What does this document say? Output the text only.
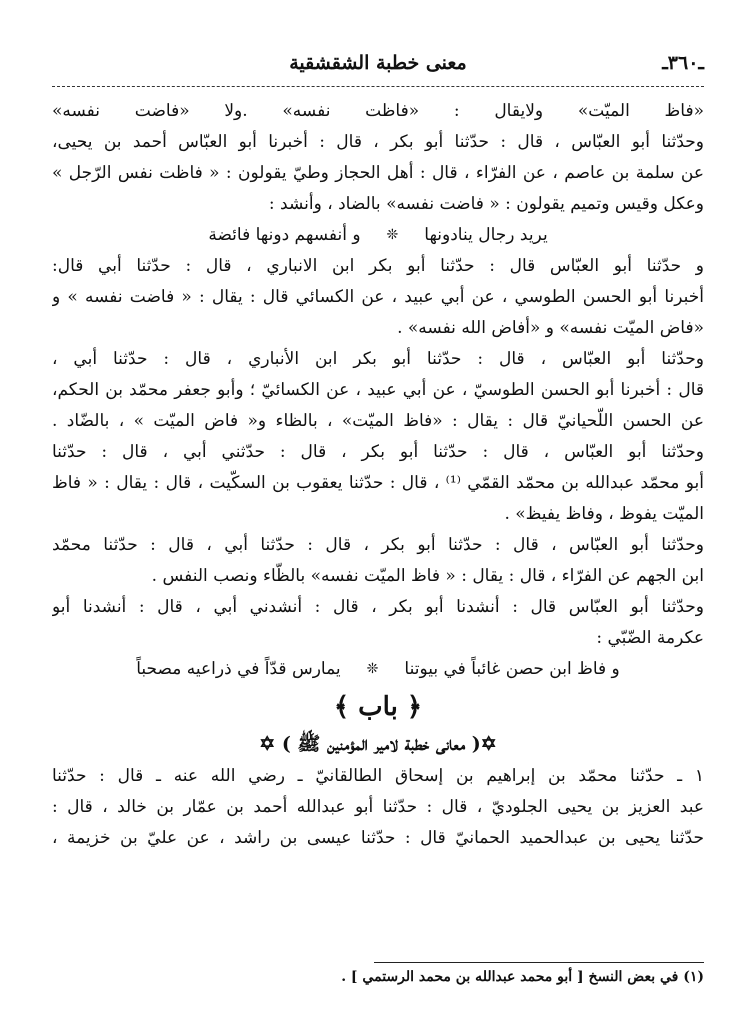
ـ٣٦٠ـ
معنى خطبة الشقشقية
«فاظ الميّت» ولايقال : «فاظت نفسه» .ولا «فاضت نفسه»
وحدّثنا أبو العبّاس ، قال : حدّثنا أبو بكر ، قال : أخبرنا أبو العبّاس أحمد بن يحيى،
عن سلمة بن عاصم ، عن الفرّاء ، قال : أهل الحجاز وطيّ يقولون : « فاظت نفس الرّجل »
وعكل وقيس وتميم يقولون : « فاضت نفسه» بالضاد ، وأنشد :
يريد رجال ينادونها
❊
و أنفسهم دونها فائضة
و حدّثنا أبو العبّاس قال : حدّثنا أبو بكر ابن الانباري ، قال : حدّثنا أبي قال:
أخبرنا أبو الحسن الطوسي ، عن أبي عبيد ، عن الكسائي قال : يقال : « فاضت نفسه » و
«فاض الميّت نفسه» و «أفاض الله نفسه» .
وحدّثنا أبو العبّاس ، قال : حدّثنا أبو بكر ابن الأنباري ، قال : حدّثنا أبي ،
قال : أخبرنا أبو الحسن الطوسيّ ، عن أبي عبيد ، عن الكسائيّ ؛ وأبو جعفر محمّد بن الحكم،
عن الحسن اللّحيانيّ قال : يقال : «فاظ الميّت» ، بالظاء و« فاض الميّت » ، بالضّاد .
وحدّثنا أبو العبّاس ، قال : حدّثنا أبو بكر ، قال : حدّثني أبي ، قال : حدّثنا
أبو محمّد عبدالله بن محمّد القمّي ⁽¹⁾ ، قال : حدّثنا يعقوب بن السكّيت ، قال : يقال : « فاظ
الميّت يفوظ ، وفاظ يفيظ» .
وحدّثنا أبو العبّاس ، قال : حدّثنا أبو بكر ، قال : حدّثنا أبي ، قال : حدّثنا محمّد
ابن الجهم عن الفرّاء ، قال : يقال : « فاظ الميّت نفسه» بالظّاء ونصب النفس .
وحدّثنا أبو العبّاس قال : أنشدنا أبو بكر ، قال : أنشدني أبي ، قال : أنشدنا أبو
عكرمة الضّبّي :
و فاظ ابن حصن غائباً في بيوتنا
❊
يمارس قدّاً في ذراعيه مصحباً
﴿ باب ﴾
✡( معانى خطبة لامير المؤمنين ﷺ ) ✡
١ ـ حدّثنا محمّد بن إبراهيم بن إسحاق الطالقانيّ ـ رضي الله عنه ـ قال : حدّثنا
عبد العزيز بن يحيى الجلوديّ ، قال : حدّثنا أبو عبدالله أحمد بن عمّار بن خالد ، قال :
حدّثنا يحيى بن عبدالحميد الحمانيّ قال : حدّثنا عيسى بن راشد ، عن عليّ بن خزيمة ،
(١) في بعض النسخ [ أبو محمد عبدالله بن محمد الرستمي ] .
